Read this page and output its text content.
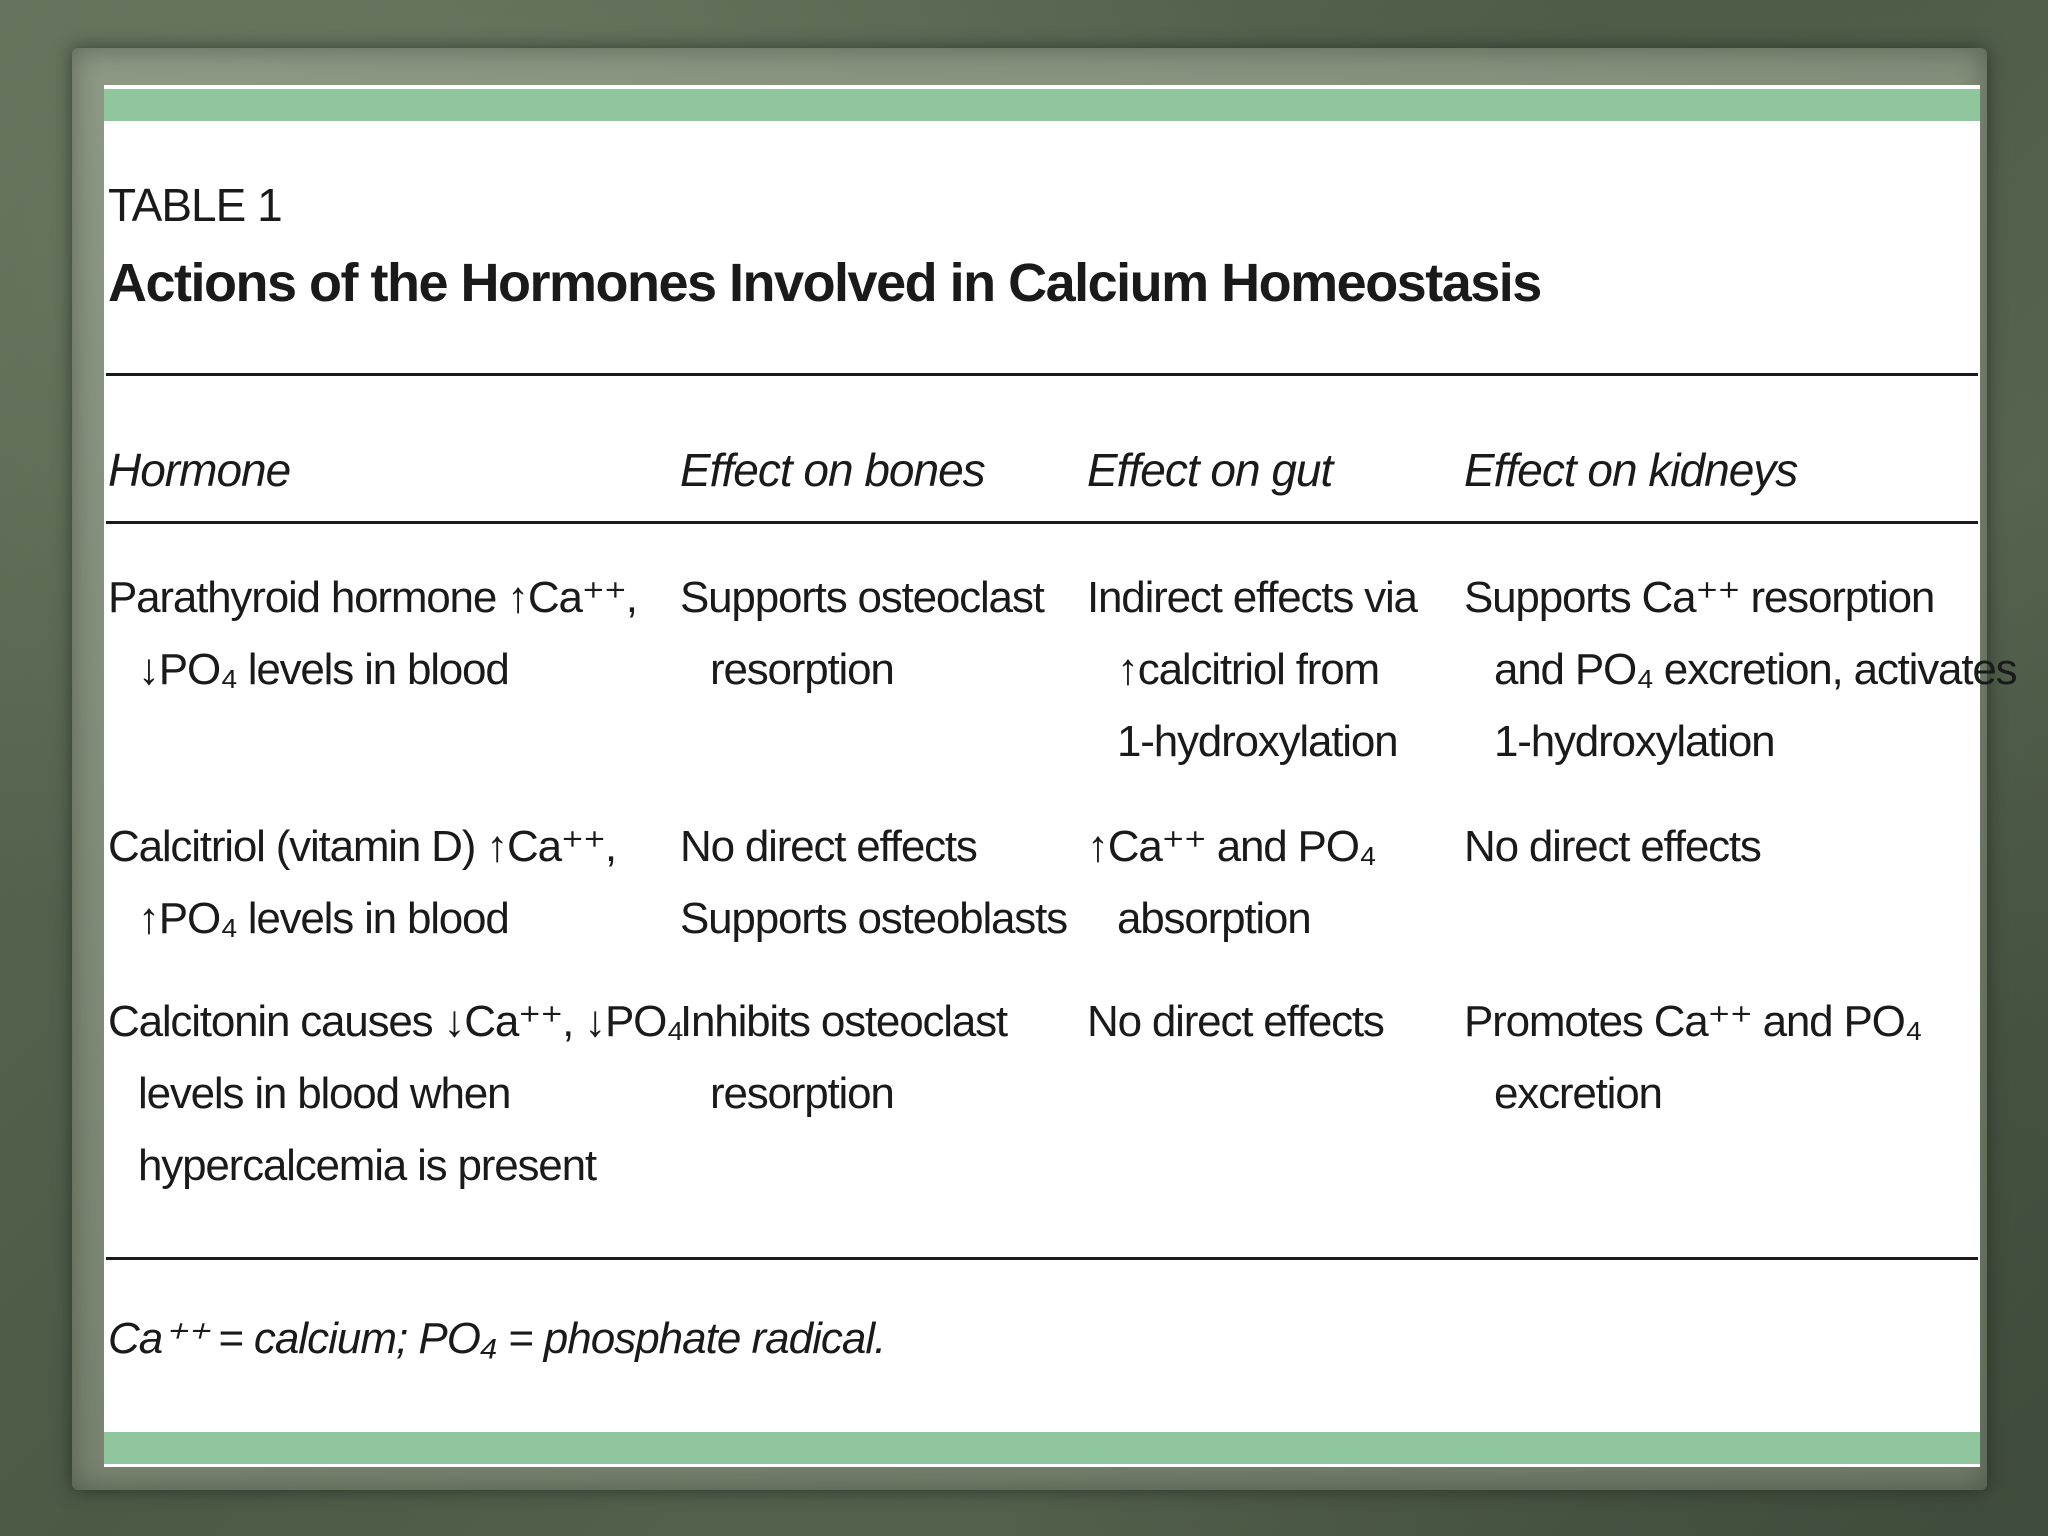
TABLE 1
Actions of the Hormones Involved in Calcium Homeostasis
Hormone	Effect on bones Effect on gut	Effect on kidneys
Parathyroid hormone ↑Ca⁺⁺,
↓PO₄ levels in blood
Supports osteoclast
resorption
Indirect effects via
↑calcitriol from
1-hydroxylation
Supports Ca⁺⁺ resorption
and PO₄ excretion, activates
1-hydroxylation
Calcitriol (vitamin D) ↑Ca⁺⁺,
↑PO₄ levels in blood
No direct effects
Supports osteoblasts
↑Ca⁺⁺ and PO₄
absorption
No direct effects
Calcitonin causes ↓Ca⁺⁺, ↓PO₄
levels in blood when
hypercalcemia is present
Inhibits osteoclast
resorption
No direct effects Promotes Ca⁺⁺ and PO₄
excretion
Ca⁺⁺ = calcium; PO₄ = phosphate radical.
